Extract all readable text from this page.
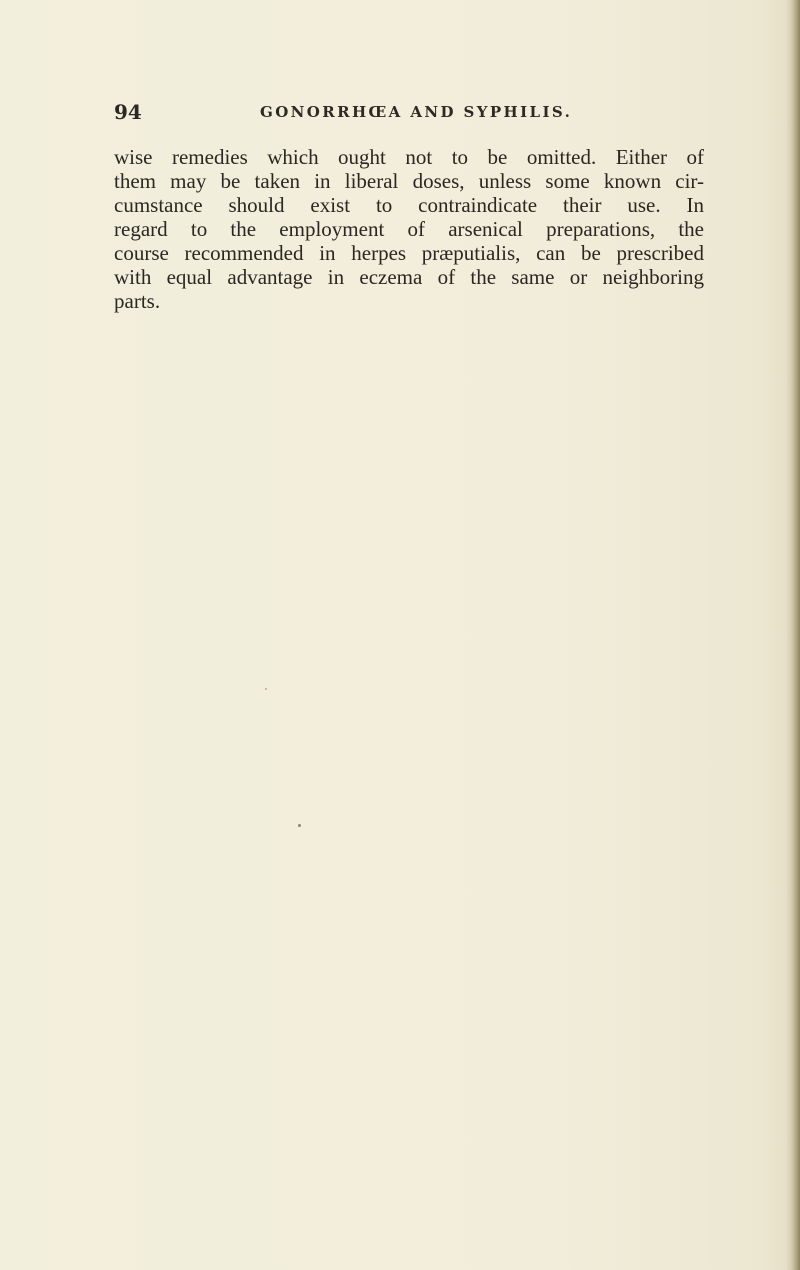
94	GONORRHŒA AND SYPHILIS.
wise remedies which ought not to be omitted. Either of
them may be taken in liberal doses, unless some known cir-
cumstance should exist to contraindicate their use. In
regard to the employment of arsenical preparations, the
course recommended in herpes præputialis, can be prescribed
with equal advantage in eczema of the same or neighboring
parts.
